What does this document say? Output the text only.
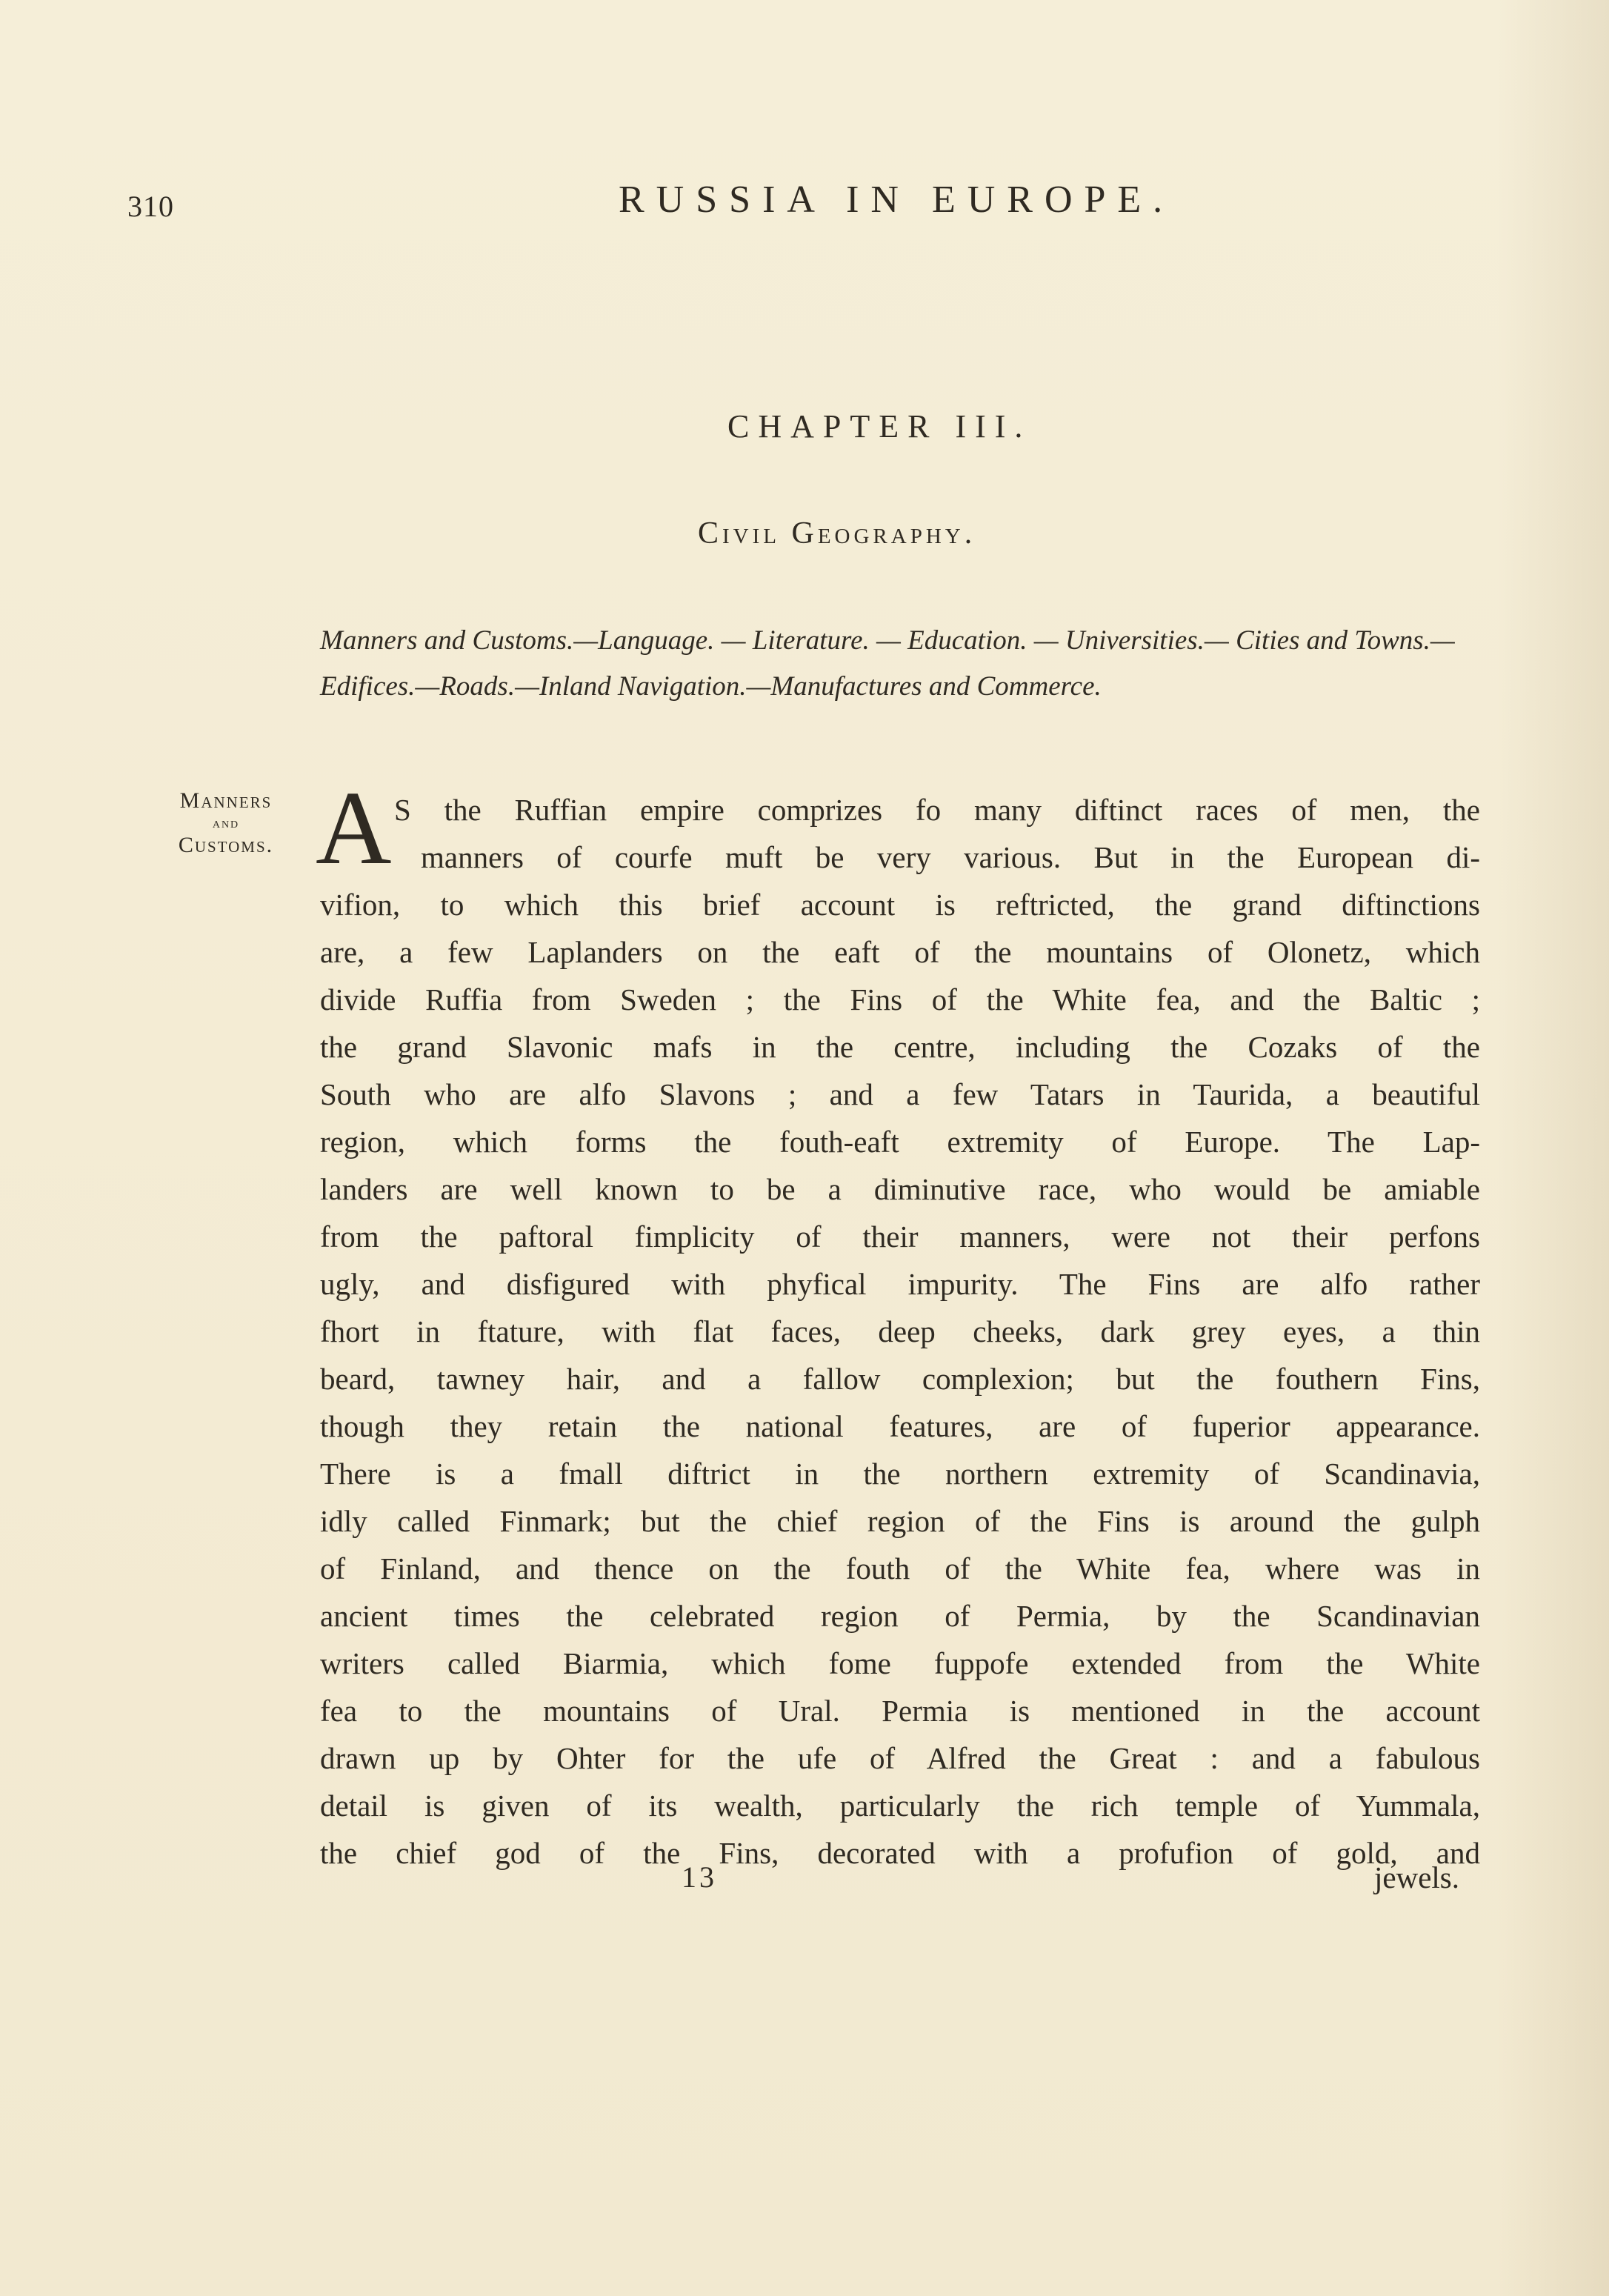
310	RUSSIA IN EUROPE.
CHAPTER III.
Civil Geography.
Manners and Customs.—Language. — Literature. — Education. — Universities.— Cities and Towns.—Edifices.—Roads.—Inland Navigation.—Manufactures and Commerce.
Manners

and
Customs. A S the Ruffian empire comprizes fo many diftinct races of men, the
manners of courfe muft be very various. But in the European di-
vifion, to which this brief account is reftricted, the grand diftinctions
are, a few Laplanders on the eaft of the mountains of Olonetz, which
divide Ruffia from Sweden ; the Fins of the White fea, and the Baltic ;
the grand Slavonic mafs in the centre, including the Cozaks of the
South who are alfo Slavons ; and a few Tatars in Taurida, a beautiful
region, which forms the fouth-eaft extremity of Europe. The Lap-
landers are well known to be a diminutive race, who would be amiable
from the paftoral fimplicity of their manners, were not their perfons
ugly, and disfigured with phyfical impurity. The Fins are alfo rather
fhort in ftature, with flat faces, deep cheeks, dark grey eyes, a thin
beard, tawney hair, and a fallow complexion; but the fouthern Fins,
though they retain the national features, are of fuperior appearance.
There is a fmall diftrict in the northern extremity of Scandinavia,
idly called Finmark; but the chief region of the Fins is around the gulph
of Finland, and thence on the fouth of the White fea, where was in
ancient times the celebrated region of Permia, by the Scandinavian
writers called Biarmia, which fome fuppofe extended from the White
fea to the mountains of Ural. Permia is mentioned in the account
drawn up by Ohter for the ufe of Alfred the Great : and a fabulous
detail is given of its wealth, particularly the rich temple of Yummala,
the chief god of the Fins, decorated with a profufion of gold, and
13	jewels.
